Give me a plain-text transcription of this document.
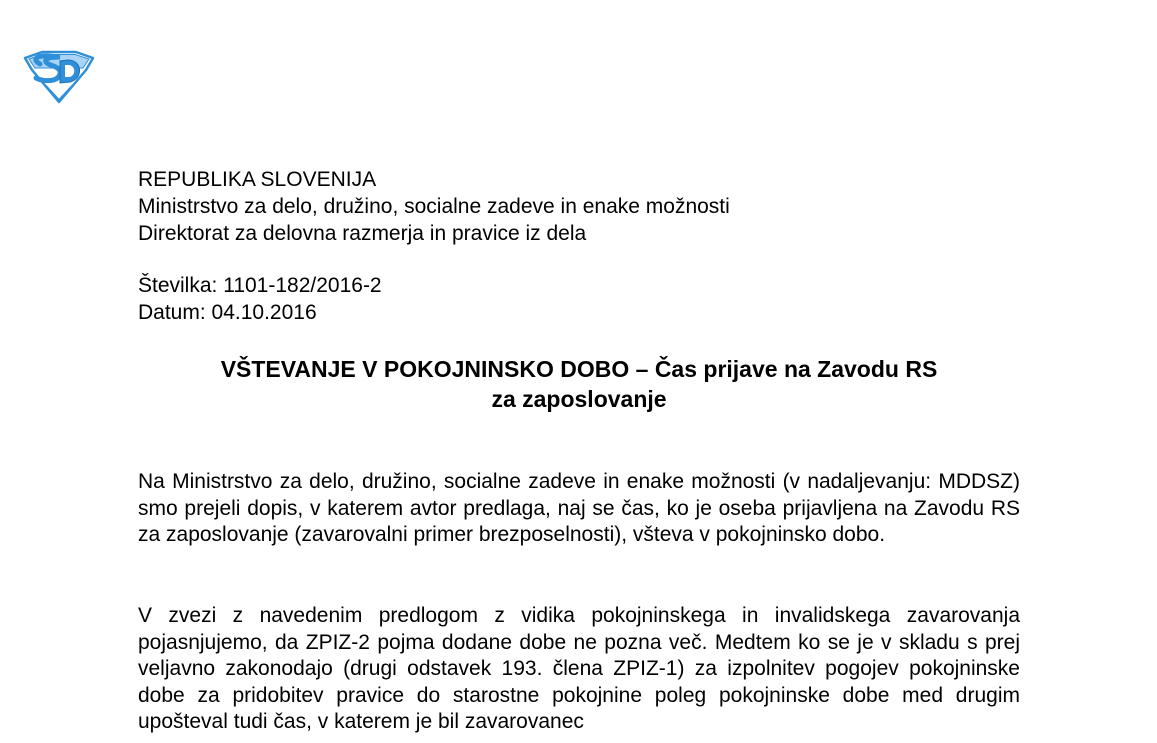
REPUBLIKA SLOVENIJA
Ministrstvo za delo, družino, socialne zadeve in enake možnosti
Direktorat za delovna razmerja in pravice iz dela
Številka: 1101-182/2016-2
Datum: 04.10.2016
VŠTEVANJE V POKOJNINSKO DOBO – Čas prijave na Zavodu RS
za zaposlovanje

Na Ministrstvo za delo, družino, socialne zadeve in enake možnosti (v nadaljevanju: MDDSZ) smo prejeli dopis, v katerem avtor predlaga, naj se čas, ko je oseba prijavljena na Zavodu RS za zaposlovanje (zavarovalni primer brezposelnosti), všteva v pokojninsko dobo.

V zvezi z navedenim predlogom z vidika pokojninskega in invalidskega zavarovanja pojasnjujemo, da ZPIZ-2 pojma dodane dobe ne pozna več. Medtem ko se je v skladu s prej veljavno zakonodajo (drugi odstavek 193. člena ZPIZ-1) za izpolnitev pogojev pokojninske dobe za pridobitev pravice do starostne pokojnine poleg pokojninske dobe med drugim upošteval tudi čas, v katerem je bil zavarovanec
